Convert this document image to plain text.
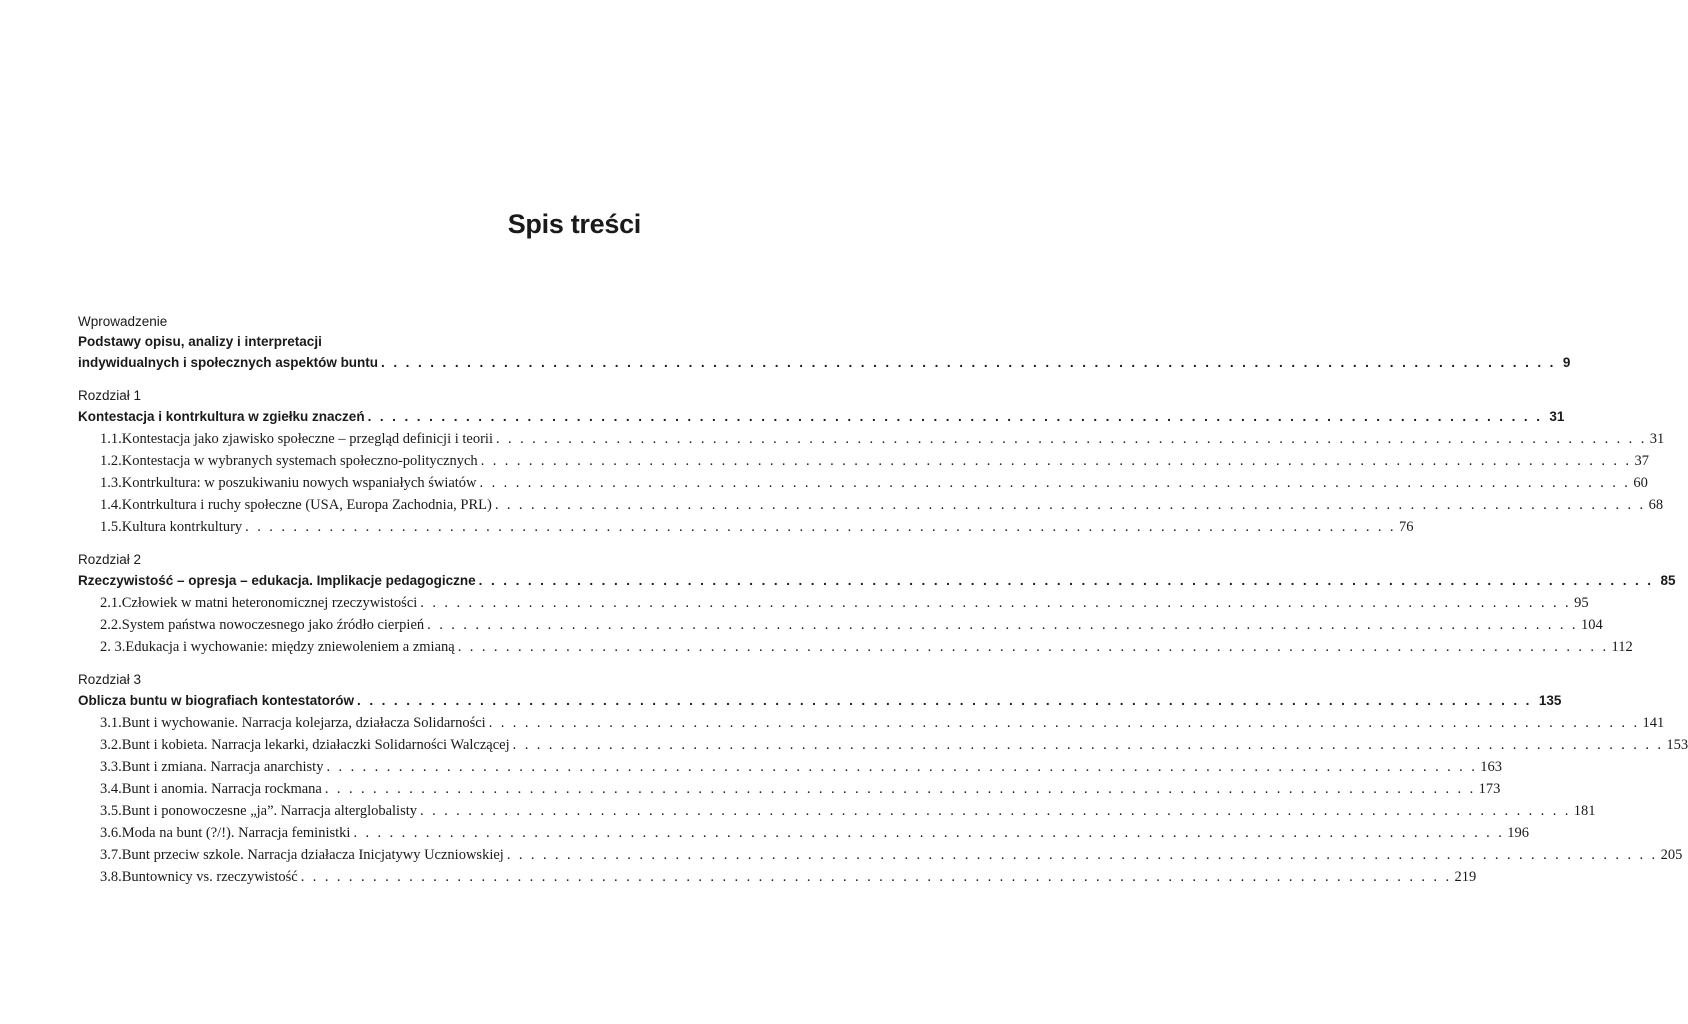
Spis treści
Wprowadzenie
Podstawy opisu, analizy i interpretacji
indywidualnych i społecznych aspektów buntu . . .	9
Rozdział 1
Kontestacja i kontrkultura w zgiełku znaczeń . . .	31
1.1. Kontestacja jako zjawisko społeczne – przegląd definicji i teorii . . .	31
1.2. Kontestacja w wybranych systemach społeczno-politycznych . . .	37
1.3. Kontrkultura: w poszukiwaniu nowych wspaniałych światów . . .	60
1.4. Kontrkultura i ruchy społeczne (USA, Europa Zachodnia, PRL) . . .	68
1.5. Kultura kontrkultury . . .	76
Rozdział 2
Rzeczywistość – opresja – edukacja. Implikacje pedagogiczne . . .	85
2.1. Człowiek w matni heteronomicznej rzeczywistości . . .	95
2.2. System państwa nowoczesnego jako źródło cierpień . . .	104
2. 3. Edukacja i wychowanie: między zniewoleniem a zmianą . . .	112
Rozdział 3
Oblicza buntu w biografiach kontestatorów . . .	135
3.1. Bunt i wychowanie. Narracja kolejarza, działacza Solidarności . . .	141
3.2. Bunt i kobieta. Narracja lekarki, działaczki Solidarności Walczącej . . .	153
3.3. Bunt i zmiana. Narracja anarchisty . . .	163
3.4. Bunt i anomia. Narracja rockmana . . .	173
3.5. Bunt i ponowoczesne „ja”. Narracja alterglobalisty . . .	181
3.6. Moda na bunt (?/!). Narracja feministki . . .	196
3.7. Bunt przeciw szkole. Narracja działacza Inicjatywy Uczniowskiej . . .	205
3.8. Buntownicy vs. rzeczywistość . . .	219
